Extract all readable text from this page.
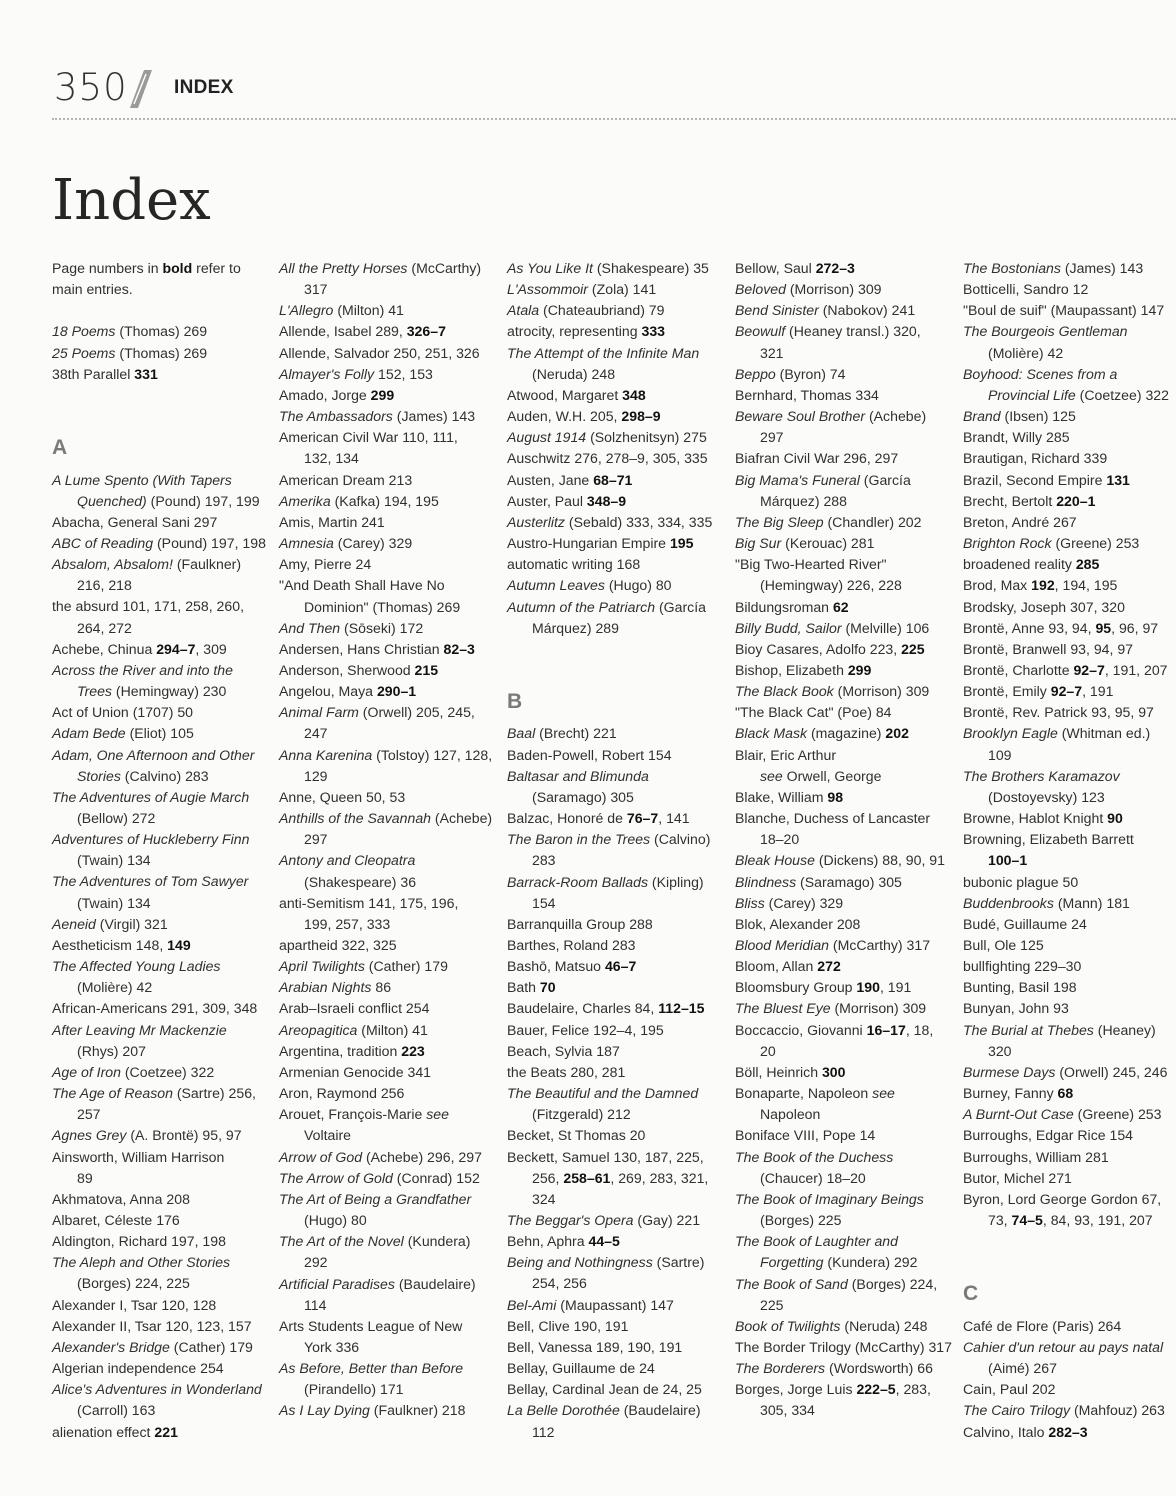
350 INDEX
Index
Page numbers in bold refer to
main entries.
18 Poems (Thomas) 269
25 Poems (Thomas) 269
38th Parallel 331
A
A Lume Spento (With Tapers
Quenched) (Pound) 197, 199
Abacha, General Sani 297
ABC of Reading (Pound) 197, 198
Absalom, Absalom! (Faulkner)
216, 218
the absurd 101, 171, 258, 260,
264, 272
Achebe, Chinua 294–7, 309
Across the River and into the
Trees (Hemingway) 230
Act of Union (1707) 50
Adam Bede (Eliot) 105
Adam, One Afternoon and Other
Stories (Calvino) 283
The Adventures of Augie March
(Bellow) 272
Adventures of Huckleberry Finn
(Twain) 134
The Adventures of Tom Sawyer
(Twain) 134
Aeneid (Virgil) 321
Aestheticism 148, 149
The Affected Young Ladies
(Molière) 42
African-Americans 291, 309, 348
After Leaving Mr Mackenzie
(Rhys) 207
Age of Iron (Coetzee) 322
The Age of Reason (Sartre) 256,
257
Agnes Grey (A. Brontë) 95, 97
Ainsworth, William Harrison
89
Akhmatova, Anna 208
Albaret, Céleste 176
Aldington, Richard 197, 198
The Aleph and Other Stories
(Borges) 224, 225
Alexander I, Tsar 120, 128
Alexander II, Tsar 120, 123, 157
Alexander's Bridge (Cather) 179
Algerian independence 254
Alice's Adventures in Wonderland
(Carroll) 163
alienation effect 221
All the Pretty Horses (McCarthy)
317
L'Allegro (Milton) 41
Allende, Isabel 289, 326–7
Allende, Salvador 250, 251, 326
Almayer's Folly 152, 153
Amado, Jorge 299
The Ambassadors (James) 143
American Civil War 110, 111,
132, 134
American Dream 213
Amerika (Kafka) 194, 195
Amis, Martin 241
Amnesia (Carey) 329
Amy, Pierre 24
"And Death Shall Have No
Dominion" (Thomas) 269
And Then (Sōseki) 172
Andersen, Hans Christian 82–3
Anderson, Sherwood 215
Angelou, Maya 290–1
Animal Farm (Orwell) 205, 245,
247
Anna Karenina (Tolstoy) 127, 128,
129
Anne, Queen 50, 53
Anthills of the Savannah (Achebe)
297
Antony and Cleopatra
(Shakespeare) 36
anti-Semitism 141, 175, 196,
199, 257, 333
apartheid 322, 325
April Twilights (Cather) 179
Arabian Nights 86
Arab–Israeli conflict 254
Areopagitica (Milton) 41
Argentina, tradition 223
Armenian Genocide 341
Aron, Raymond 256
Arouet, François-Marie see
Voltaire
Arrow of God (Achebe) 296, 297
The Arrow of Gold (Conrad) 152
The Art of Being a Grandfather
(Hugo) 80
The Art of the Novel (Kundera)
292
Artificial Paradises (Baudelaire)
114
Arts Students League of New
York 336
As Before, Better than Before
(Pirandello) 171
As I Lay Dying (Faulkner) 218
As You Like It (Shakespeare) 35
L'Assommoir (Zola) 141
Atala (Chateaubriand) 79
atrocity, representing 333
The Attempt of the Infinite Man
(Neruda) 248
Atwood, Margaret 348
Auden, W.H. 205, 298–9
August 1914 (Solzhenitsyn) 275
Auschwitz 276, 278–9, 305, 335
Austen, Jane 68–71
Auster, Paul 348–9
Austerlitz (Sebald) 333, 334, 335
Austro-Hungarian Empire 195
automatic writing 168
Autumn Leaves (Hugo) 80
Autumn of the Patriarch (García
Márquez) 289
B
Baal (Brecht) 221
Baden-Powell, Robert 154
Baltasar and Blimunda
(Saramago) 305
Balzac, Honoré de 76–7, 141
The Baron in the Trees (Calvino)
283
Barrack-Room Ballads (Kipling)
154
Barranquilla Group 288
Barthes, Roland 283
Bashō, Matsuo 46–7
Bath 70
Baudelaire, Charles 84, 112–15
Bauer, Felice 192–4, 195
Beach, Sylvia 187
the Beats 280, 281
The Beautiful and the Damned
(Fitzgerald) 212
Becket, St Thomas 20
Beckett, Samuel 130, 187, 225,
256, 258–61, 269, 283, 321,
324
The Beggar's Opera (Gay) 221
Behn, Aphra 44–5
Being and Nothingness (Sartre)
254, 256
Bel-Ami (Maupassant) 147
Bell, Clive 190, 191
Bell, Vanessa 189, 190, 191
Bellay, Guillaume de 24
Bellay, Cardinal Jean de 24, 25
La Belle Dorothée (Baudelaire)
112
Bellow, Saul 272–3
Beloved (Morrison) 309
Bend Sinister (Nabokov) 241
Beowulf (Heaney transl.) 320,
321
Beppo (Byron) 74
Bernhard, Thomas 334
Beware Soul Brother (Achebe)
297
Biafran Civil War 296, 297
Big Mama's Funeral (García
Márquez) 288
The Big Sleep (Chandler) 202
Big Sur (Kerouac) 281
"Big Two-Hearted River"
(Hemingway) 226, 228
Bildungsroman 62
Billy Budd, Sailor (Melville) 106
Bioy Casares, Adolfo 223, 225
Bishop, Elizabeth 299
The Black Book (Morrison) 309
"The Black Cat" (Poe) 84
Black Mask (magazine) 202
Blair, Eric Arthur
see Orwell, George
Blake, William 98
Blanche, Duchess of Lancaster
18–20
Bleak House (Dickens) 88, 90, 91
Blindness (Saramago) 305
Bliss (Carey) 329
Blok, Alexander 208
Blood Meridian (McCarthy) 317
Bloom, Allan 272
Bloomsbury Group 190, 191
The Bluest Eye (Morrison) 309
Boccaccio, Giovanni 16–17, 18,
20
Böll, Heinrich 300
Bonaparte, Napoleon see
Napoleon
Boniface VIII, Pope 14
The Book of the Duchess
(Chaucer) 18–20
The Book of Imaginary Beings
(Borges) 225
The Book of Laughter and
Forgetting (Kundera) 292
The Book of Sand (Borges) 224,
225
Book of Twilights (Neruda) 248
The Border Trilogy (McCarthy) 317
The Borderers (Wordsworth) 66
Borges, Jorge Luis 222–5, 283,
305, 334
The Bostonians (James) 143
Botticelli, Sandro 12
"Boul de suif" (Maupassant) 147
The Bourgeois Gentleman
(Molière) 42
Boyhood: Scenes from a
Provincial Life (Coetzee) 322
Brand (Ibsen) 125
Brandt, Willy 285
Brautigan, Richard 339
Brazil, Second Empire 131
Brecht, Bertolt 220–1
Breton, André 267
Brighton Rock (Greene) 253
broadened reality 285
Brod, Max 192, 194, 195
Brodsky, Joseph 307, 320
Brontë, Anne 93, 94, 95, 96, 97
Brontë, Branwell 93, 94, 97
Brontë, Charlotte 92–7, 191, 207
Brontë, Emily 92–7, 191
Brontë, Rev. Patrick 93, 95, 97
Brooklyn Eagle (Whitman ed.)
109
The Brothers Karamazov
(Dostoyevsky) 123
Browne, Hablot Knight 90
Browning, Elizabeth Barrett
100–1
bubonic plague 50
Buddenbrooks (Mann) 181
Budé, Guillaume 24
Bull, Ole 125
bullfighting 229–30
Bunting, Basil 198
Bunyan, John 93
The Burial at Thebes (Heaney)
320
Burmese Days (Orwell) 245, 246
Burney, Fanny 68
A Burnt-Out Case (Greene) 253
Burroughs, Edgar Rice 154
Burroughs, William 281
Butor, Michel 271
Byron, Lord George Gordon 67,
73, 74–5, 84, 93, 191, 207
C
Café de Flore (Paris) 264
Cahier d'un retour au pays natal
(Aimé) 267
Cain, Paul 202
The Cairo Trilogy (Mahfouz) 263
Calvino, Italo 282–3
